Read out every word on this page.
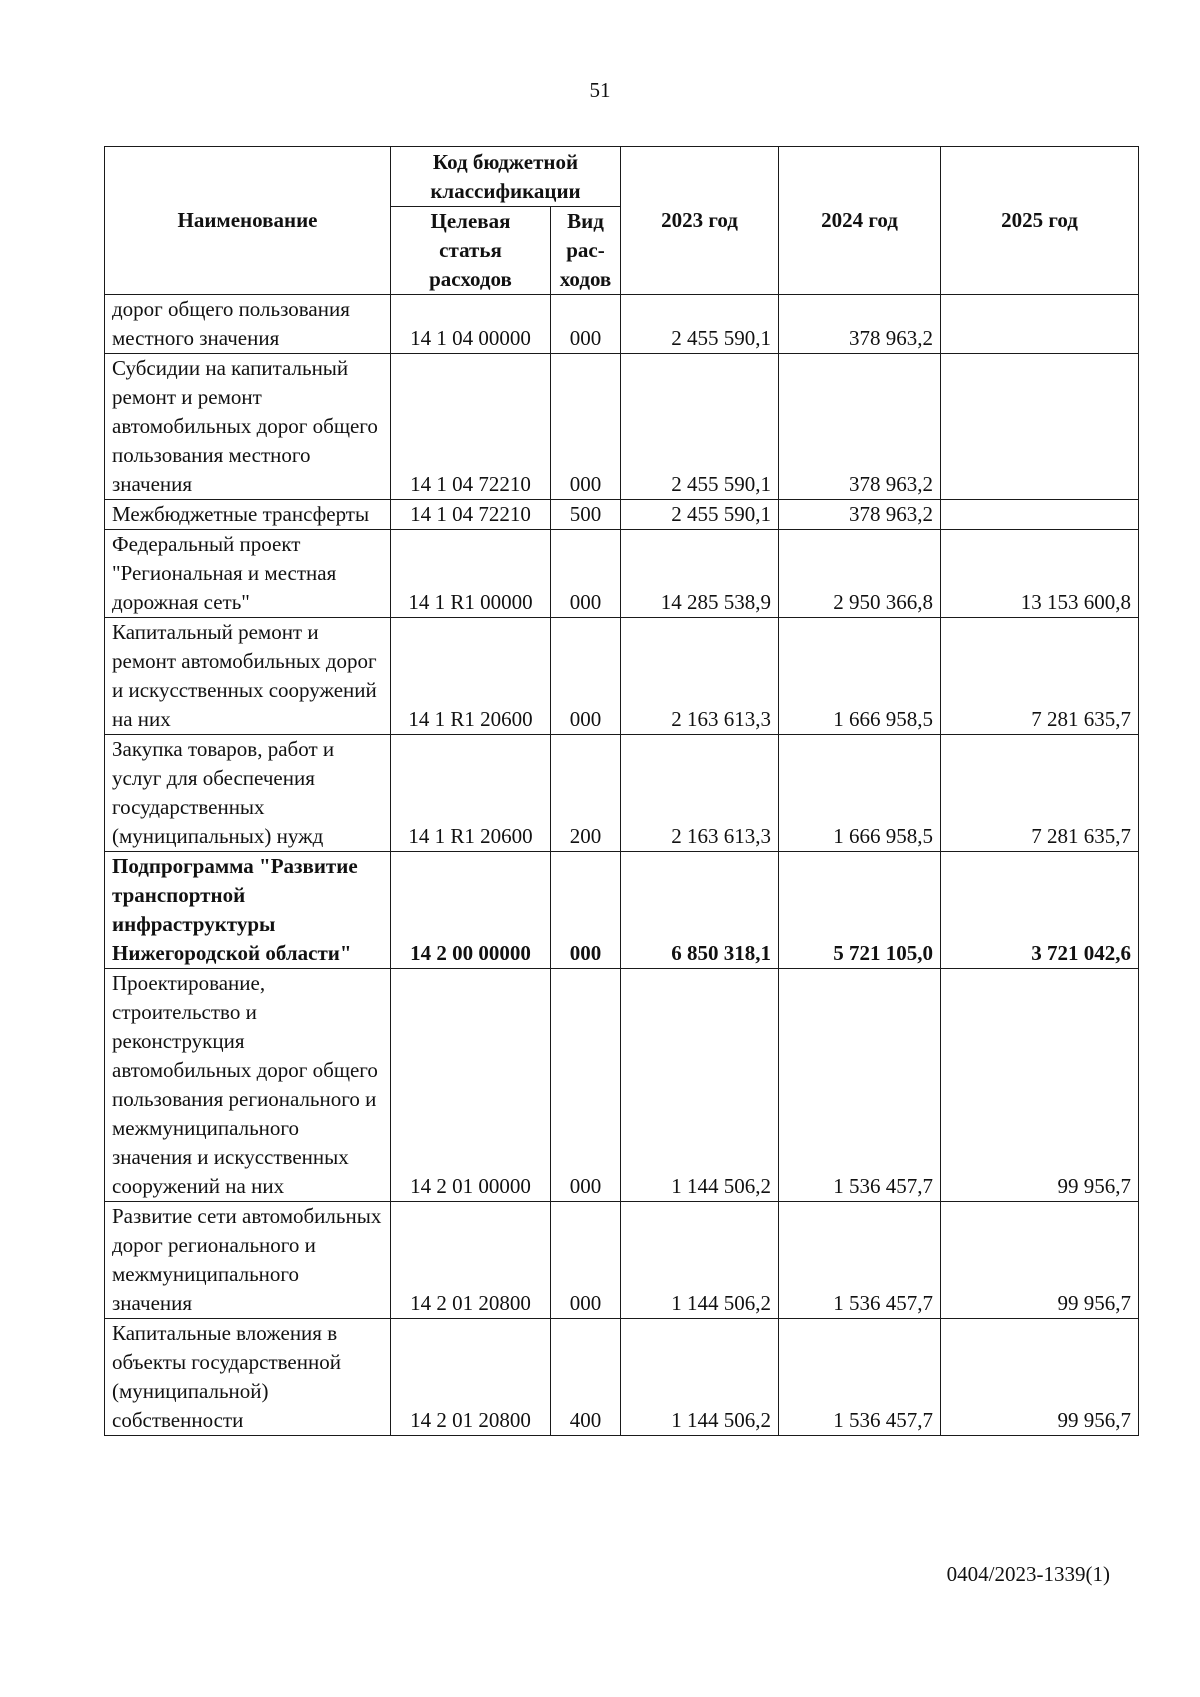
51
Наименование	Код бюджетной классификации		2023 год	2024 год	2025 год
	Целевая статья расходов	Вид рас-ходов			
дорог общего пользования местного значения	14 1 04 00000	000	2 455 590,1	378 963,2	
Субсидии на капитальный ремонт и ремонт автомобильных дорог общего пользования местного значения	14 1 04 72210	000	2 455 590,1	378 963,2	
Межбюджетные трансферты	14 1 04 72210	500	2 455 590,1	378 963,2	
Федеральный проект "Региональная и местная дорожная сеть"	14 1 R1 00000	000	14 285 538,9	2 950 366,8	13 153 600,8
Капитальный ремонт и ремонт автомобильных дорог и искусственных сооружений на них	14 1 R1 20600	000	2 163 613,3	1 666 958,5	7 281 635,7
Закупка товаров, работ и услуг для обеспечения государственных (муниципальных) нужд	14 1 R1 20600	200	2 163 613,3	1 666 958,5	7 281 635,7
Подпрограмма "Развитие транспортной инфраструктуры Нижегородской области"	14 2 00 00000	000	6 850 318,1	5 721 105,0	3 721 042,6
Проектирование, строительство и реконструкция автомобильных дорог общего пользования регионального и межмуниципального значения и искусственных сооружений на них	14 2 01 00000	000	1 144 506,2	1 536 457,7	99 956,7
Развитие сети автомобильных дорог регионального и межмуниципального значения	14 2 01 20800	000	1 144 506,2	1 536 457,7	99 956,7
Капитальные вложения в объекты государственной (муниципальной) собственности	14 2 01 20800	400	1 144 506,2	1 536 457,7	99 956,7
0404/2023-1339(1)
